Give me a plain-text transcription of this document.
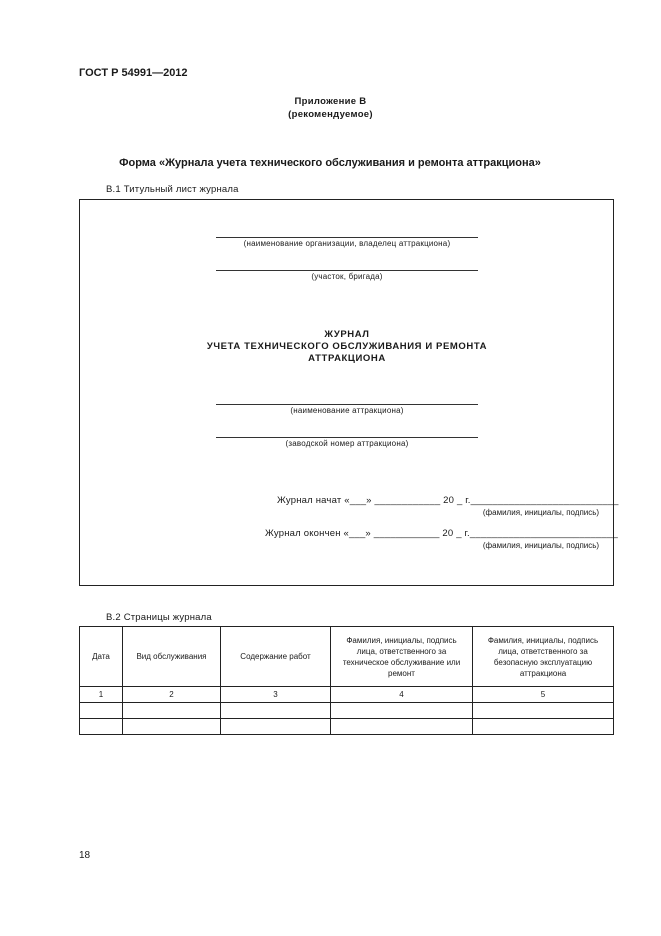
ГОСТ Р 54991—2012
Приложение В
(рекомендуемое)
Форма «Журнала учета технического обслуживания и ремонта аттракциона»
В.1 Титульный лист журнала
(наименование организации, владелец аттракциона)
(участок, бригада)
ЖУРНАЛ
УЧЕТА ТЕХНИЧЕСКОГО ОБСЛУЖИВАНИЯ И РЕМОНТА
АТТРАКЦИОНА
(наименование аттракциона)
(заводской номер аттракциона)
Журнал начат «___» ____________ 20 _ г.___________________________
(фамилия, инициалы, подпись)
Журнал окончен «___» ____________ 20 _ г.___________________________
(фамилия, инициалы, подпись)
В.2 Страницы журнала
Дата	Вид обслуживания	Содержание работ	Фамилия, инициалы, подпись лица, ответственного за техническое обслуживание или ремонт	Фамилия, инициалы, подпись лица, ответственного за безопасную эксплуатацию аттракциона
1	2	3	4	5

18
